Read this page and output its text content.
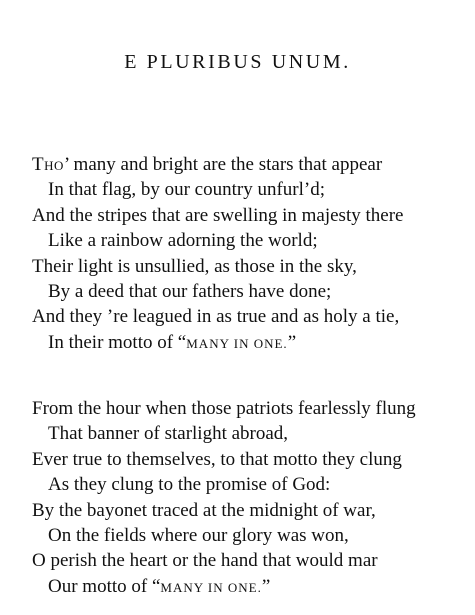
E PLURIBUS UNUM.
Tho’ many and bright are the stars that appear
In that flag, by our country unfurl’d;
And the stripes that are swelling in majesty there
Like a rainbow adorning the world;
Their light is unsullied, as those in the sky,
By a deed that our fathers have done;
And they ’re leagued in as true and as holy a tie,
In their motto of “MANY IN ONE.”
From the hour when those patriots fearlessly flung
That banner of starlight abroad,
Ever true to themselves, to that motto they clung
As they clung to the promise of God:
By the bayonet traced at the midnight of war,
On the fields where our glory was won,
O perish the heart or the hand that would mar
Our motto of “MANY IN ONE.”
